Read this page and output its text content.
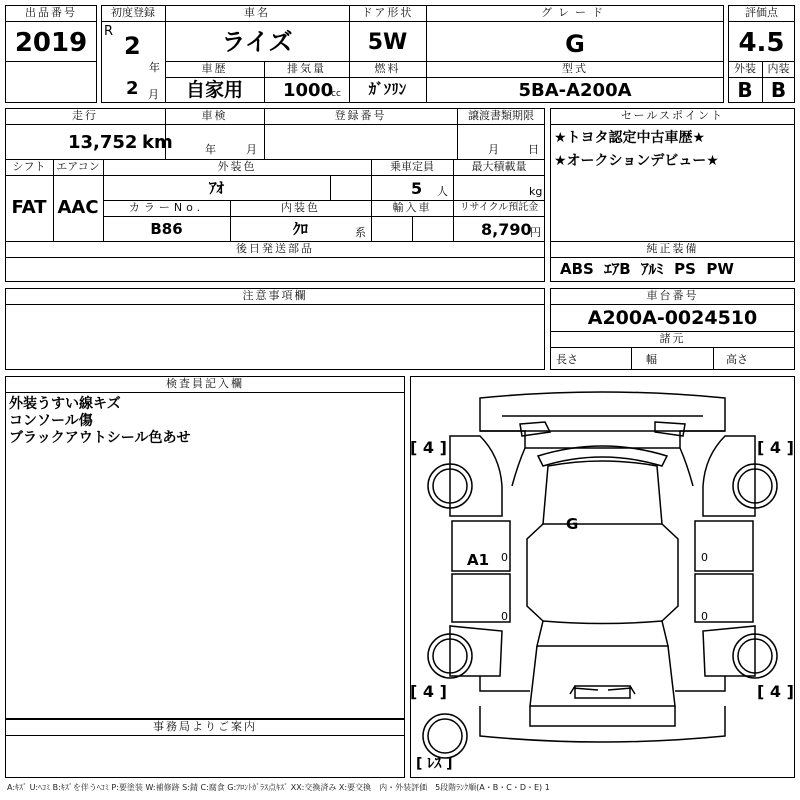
出品番号
2019
初度登録
R
2
年
2 月
車名
ライズ
ドア形状
5W
グレード
G
車歴
自家用
排気量
1000
cc
燃料
ｶﾞｿﾘﾝ
型式
5BA-A200A
評価点
4.5
外装	内装
B B
走行
13,752 km
車検
年	月
登録番号	譲渡書類期限
月	日
シフト
FAT
エアコン
AAC
外装色
ｱｵ
乗車定員
5 人
最大積載量
kg
カラーNo.
B86
内装色
ｸﾛ	系
輸入車	リサイクル預託金
8,790
円
後日発送部品
セールスポイント
★トヨタ認定中古車歴★
★オークションデビュー★
純正装備
ABS  ｴｱB  ｱﾙﾐ  PS  PW
注意事項欄	車台番号
A200A-0024510
諸元
長さ	幅	高さ
検査員記入欄
外装うすい線キズ
コンソール傷
ブラックアウトシール色あせ
事務局よりご案内
[ 4 ]	[ 4 ]
[ 4 ]	[ 4 ]
[ ﾚｽ ]
G
A1 0	0
0	0
A:ｷｽﾞ U:ﾍｺﾐ B:ｷｽﾞを伴うﾍｺﾐ P:要塗装 W:補修跡 S:錆 C:腐食 G:ﾌﾛﾝﾄｶﾞﾗｽ点ｷｽﾞ XX:交換済み X:要交換　内・外装評価　5段階ﾗﾝｸ順(A・B・C・D・E) 1
